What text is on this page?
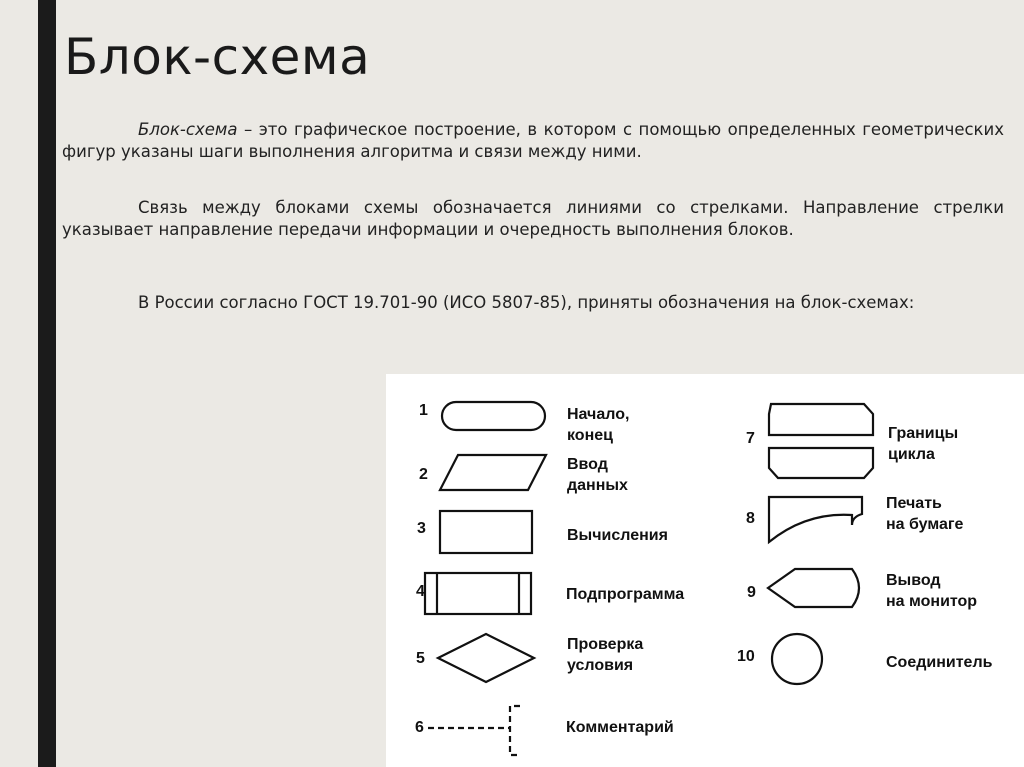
Блок-схема
Блок-схема – это графическое построение, в котором с помощью определенных геометрических фигур указаны шаги выполнения алгоритма и связи между ними.
Связь между блоками схемы обозначается линиями со стрелками. Направление стрелки указывает направление передачи информации и очередность выполнения блоков.
В России согласно ГОСТ 19.701-90 (ИСО 5807-85), приняты обозначения на блок-схемах:
1
2
3
4
5
6
7
8
9
10
Начало,
конец
Ввод
данных
Вычисления
Подпрограмма
Проверка
условия
Комментарий
Границы
цикла
Печать
на бумаге
Вывод
на монитор
Соединитель
